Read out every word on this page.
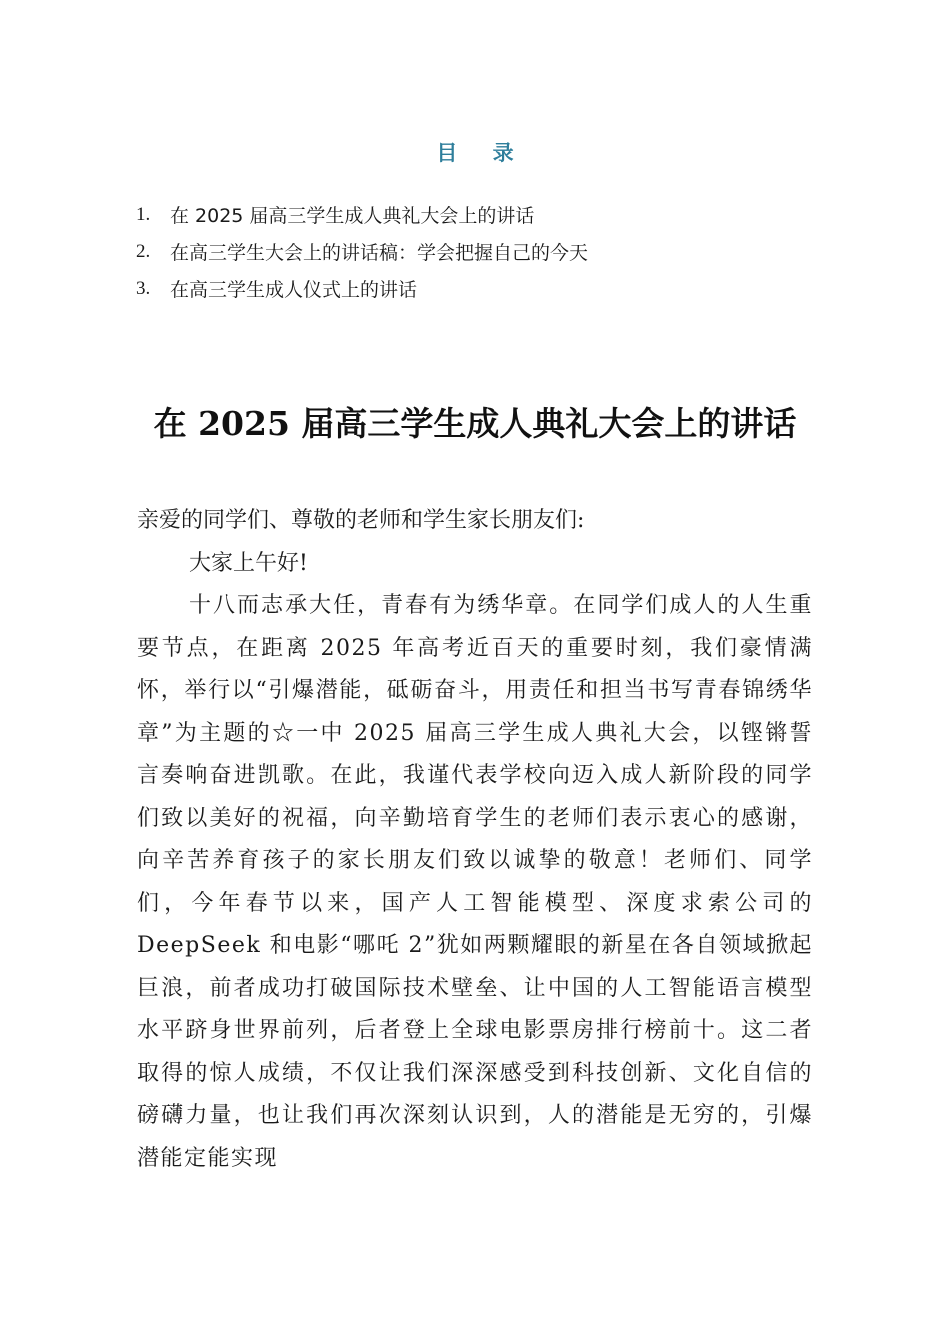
目 录
1.	在 2025 届高三学生成人典礼大会上的讲话
2.	在高三学生大会上的讲话稿：学会把握自己的今天
3.	在高三学生成人仪式上的讲话
在 2025 届高三学生成人典礼大会上的讲话

亲爱的同学们、尊敬的老师和学生家长朋友们:

大家上午好!

十八而志承大任，青春有为绣华章。在同学们成人的人生重要节点，在距离 2025 年高考近百天的重要时刻，我们豪情满怀，举行以“引爆潜能，砥砺奋斗，用责任和担当书写青春锦绣华章”为主题的☆一中 2025 届高三学生成人典礼大会，以铿锵誓言奏响奋进凯歌。在此，我谨代表学校向迈入成人新阶段的同学们致以美好的祝福，向辛勤培育学生的老师们表示衷心的感谢，向辛苦养育孩子的家长朋友们致以诚挚的敬意！老师们、同学们，今年春节以来，国产人工智能模型、深度求索公司的 DeepSeek 和电影“哪吒 2”犹如两颗耀眼的新星在各自领域掀起巨浪，前者成功打破国际技术壁垒、让中国的人工智能语言模型水平跻身世界前列，后者登上全球电影票房排行榜前十。这二者取得的惊人成绩，不仅让我们深深感受到科技创新、文化自信的磅礴力量，也让我们再次深刻认识到，人的潜能是无穷的，引爆潜能定能实现
